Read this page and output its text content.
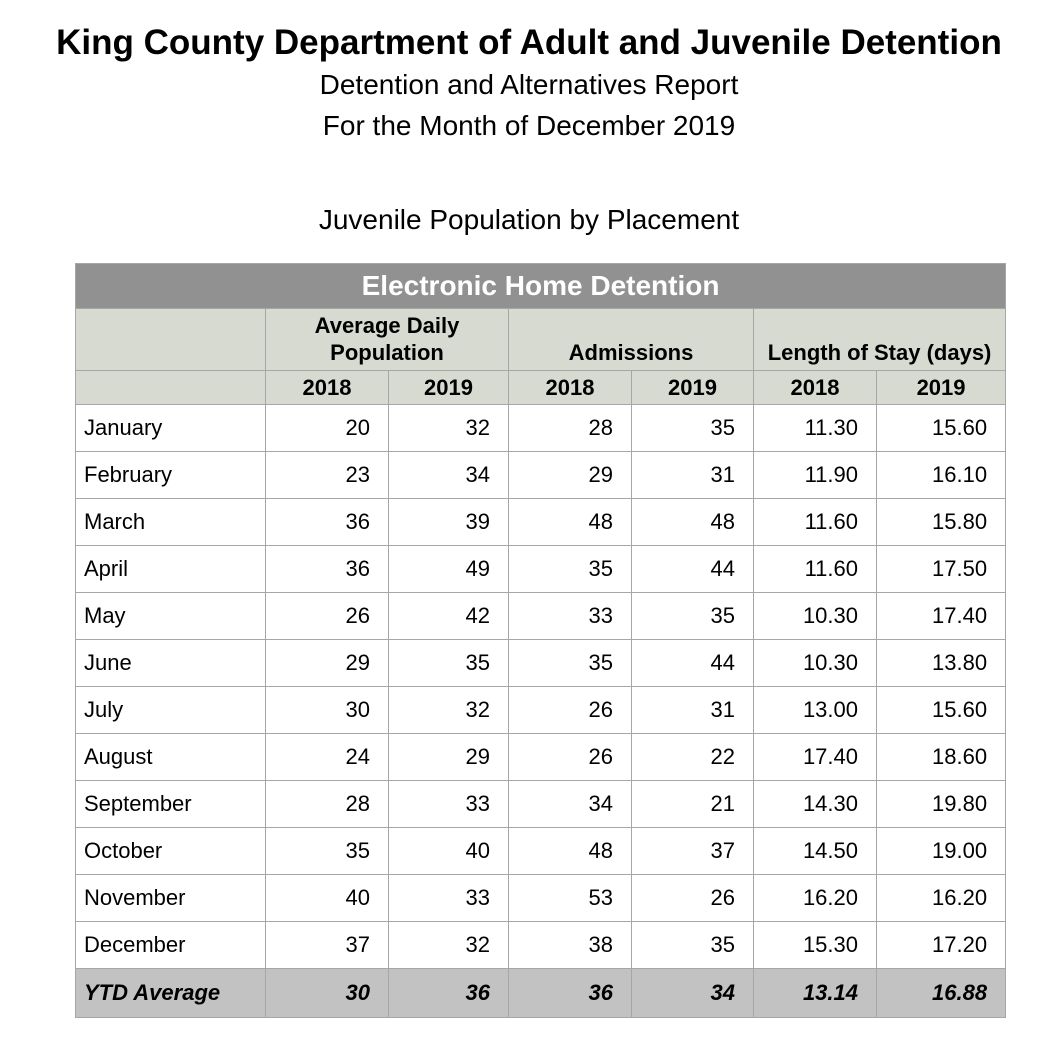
King County Department of Adult and Juvenile Detention
Detention and Alternatives Report
For the Month of December 2019
Juvenile Population by Placement
Electronic Home Detention						
	Average Daily Population		Admissions		Length of Stay (days)	
	2018	2019	2018	2019	2018	2019
January	20	32	28	35	11.30	15.60
February	23	34	29	31	11.90	16.10
March	36	39	48	48	11.60	15.80
April	36	49	35	44	11.60	17.50
May	26	42	33	35	10.30	17.40
June	29	35	35	44	10.30	13.80
July	30	32	26	31	13.00	15.60
August	24	29	26	22	17.40	18.60
September	28	33	34	21	14.30	19.80
October	35	40	48	37	14.50	19.00
November	40	33	53	26	16.20	16.20
December	37	32	38	35	15.30	17.20
YTD Average	30	36	36	34	13.14	16.88
